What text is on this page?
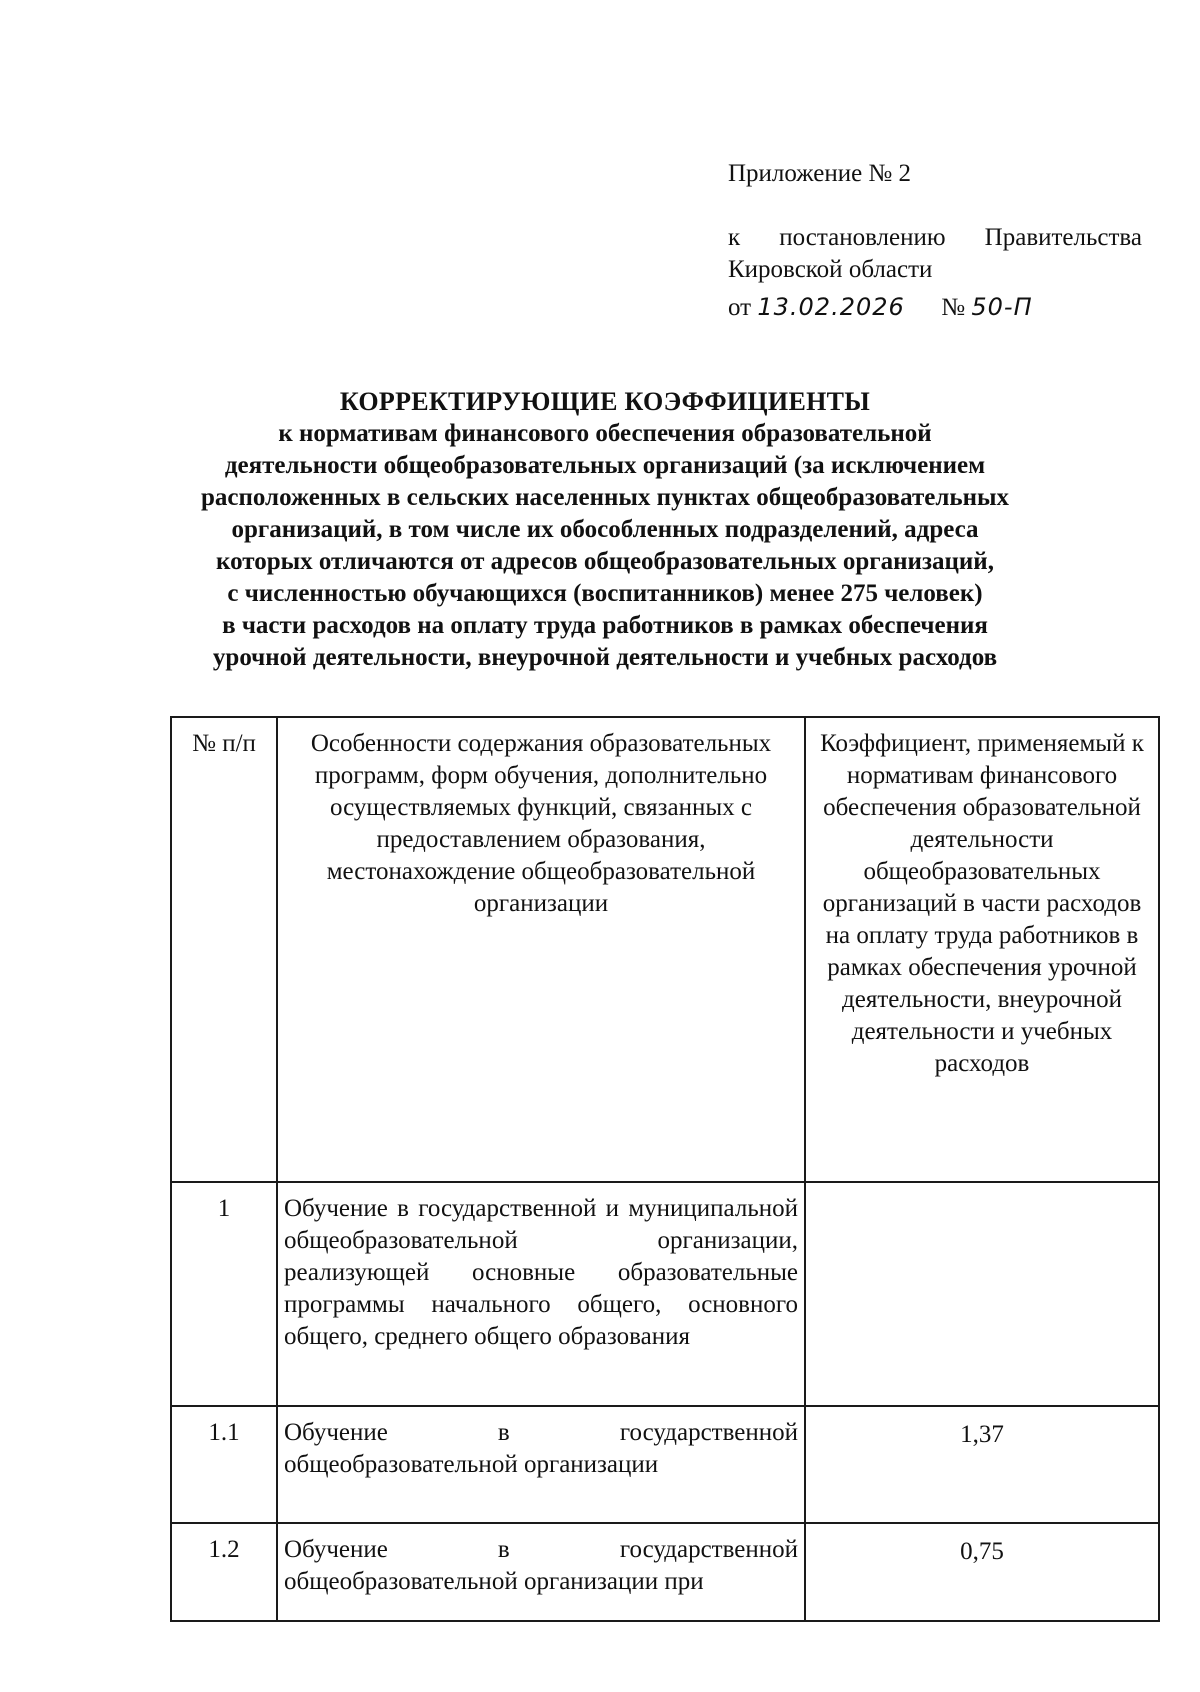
Приложение № 2
к постановлению Правительства
Кировской области
от 13.02.2026 № 50-П
КОРРЕКТИРУЮЩИЕ КОЭФФИЦИЕНТЫ
к нормативам финансового обеспечения образовательной
деятельности общеобразовательных организаций (за исключением
расположенных в сельских населенных пунктах общеобразовательных
организаций, в том числе их обособленных подразделений, адреса
которых отличаются от адресов общеобразовательных организаций,
с численностью обучающихся (воспитанников) менее 275 человек)
в части расходов на оплату труда работников в рамках обеспечения
урочной деятельности, внеурочной деятельности и учебных расходов
№ п/п	Особенности содержания образовательных программ, форм обучения, дополнительно осуществляемых функций, связанных с предоставлением образования, местонахождение общеобразовательной организации	Коэффициент, применяемый к нормативам финансового обеспечения образовательной деятельности общеобразовательных организаций в части расходов на оплату труда работников в рамках обеспечения урочной деятельности, внеурочной деятельности и учебных расходов
1	Обучение в государственной и муниципальной общеобразовательной организации, реализующей основные образовательные программы начального общего, основного общего, среднего общего образования	
1.1	Обучение в государственной общеобразовательной организации	1,37
1.2	Обучение в государственной общеобразовательной организации при	0,75
